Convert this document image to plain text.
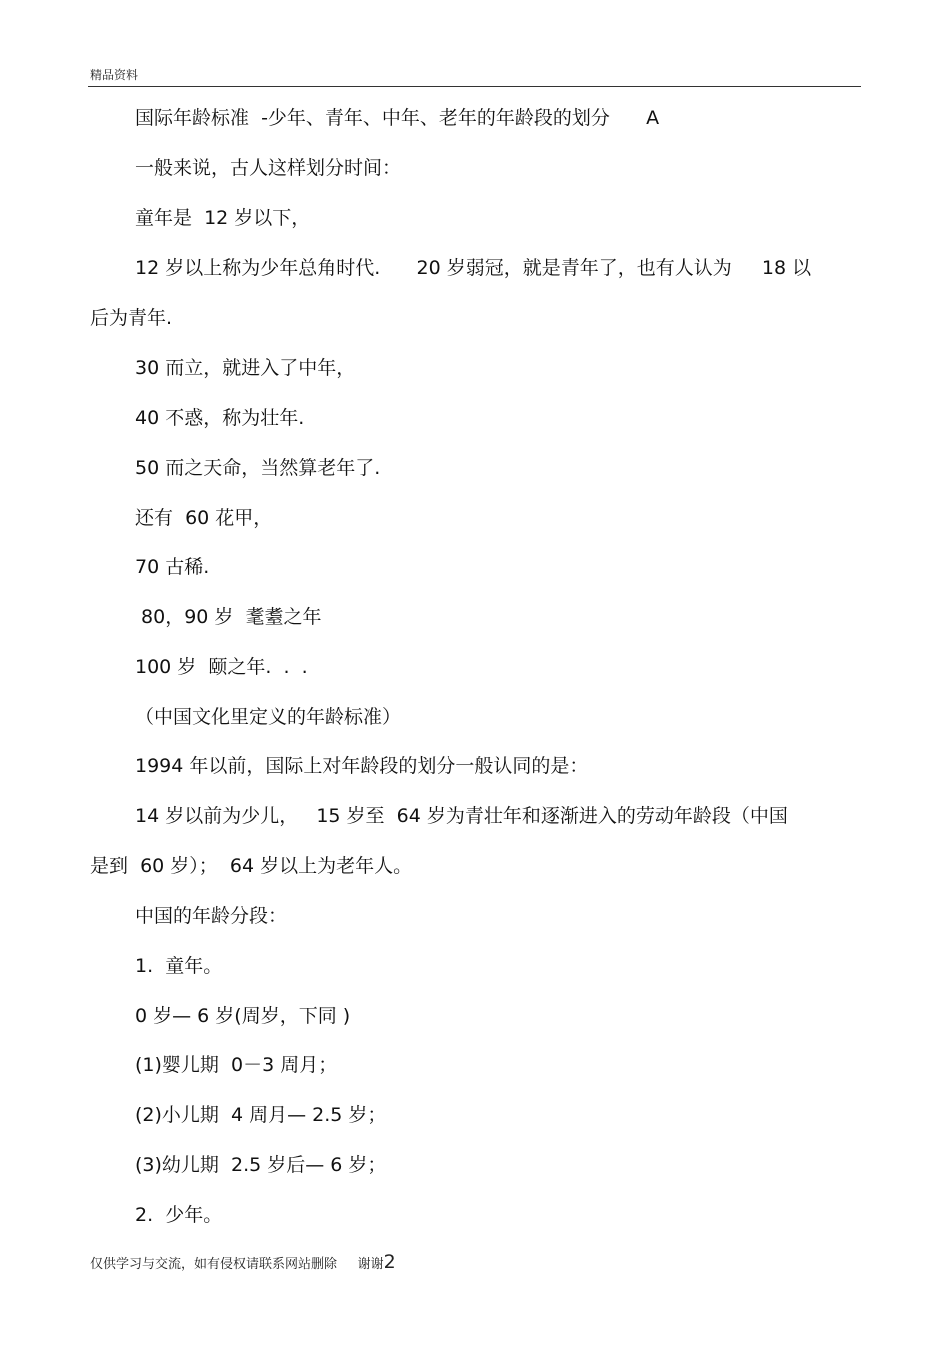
精品资料
国际年龄标准  -少年、青年、中年、老年的年龄段的划分      A
一般来说，古人这样划分时间：
童年是  12 岁以下，
12 岁以上称为少年总角时代.      20 岁弱冠，就是青年了，也有人认为     18 以
后为青年.
30 而立，就进入了中年，
40 不惑，称为壮年.
50 而之天命，当然算老年了.
还有  60 花甲，
70 古稀.
80，90 岁  耄耋之年
100 岁  颐之年.  .  .
（中国文化里定义的年龄标准）
1994 年以前，国际上对年龄段的划分一般认同的是：
14 岁以前为少儿，   15 岁至  64 岁为青壮年和逐渐进入的劳动年龄段（中国
是到  60 岁）；  64 岁以上为老年人。
中国的年龄分段：
1.  童年。
0 岁— 6 岁(周岁，下同 )
(1)婴儿期  0－3 周月；
(2)小儿期  4 周月— 2.5 岁；
(3)幼儿期  2.5 岁后— 6 岁；
2.  少年。
仅供学习与交流，如有侵权请联系网站删除     谢谢2
